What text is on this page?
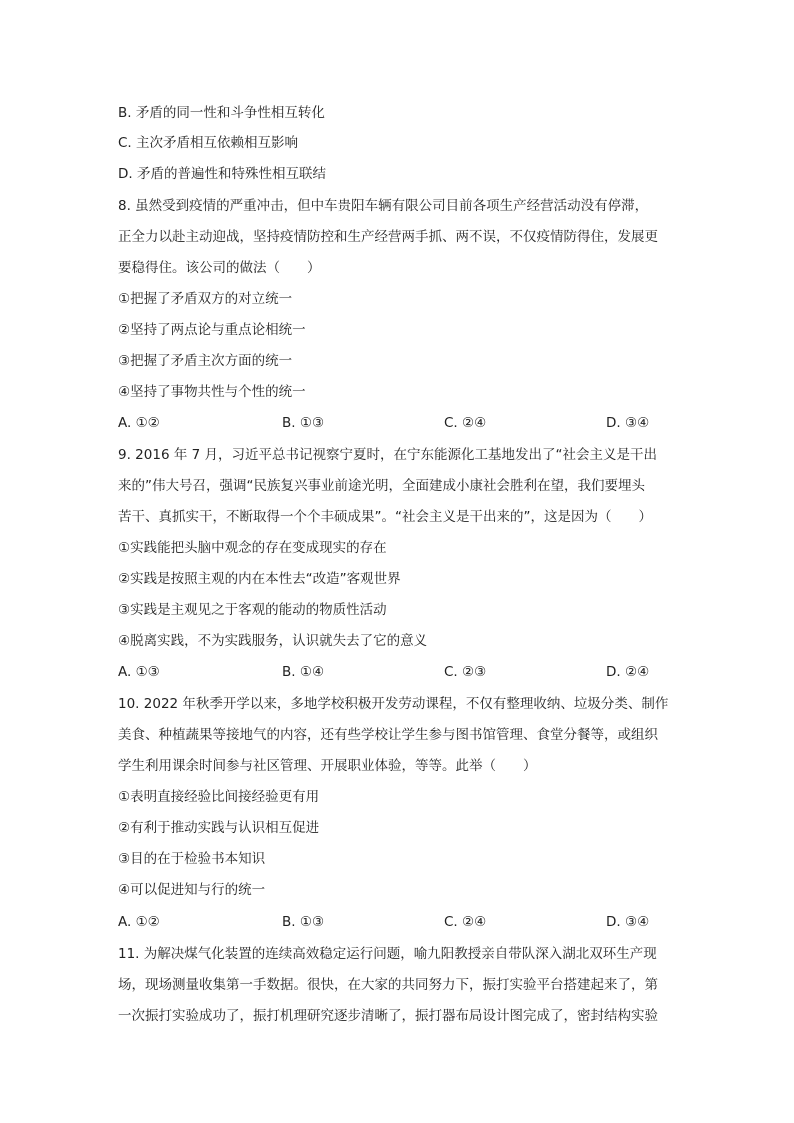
B. 矛盾的同一性和斗争性相互转化
C. 主次矛盾相互依赖相互影响
D. 矛盾的普遍性和特殊性相互联结
8. 虽然受到疫情的严重冲击，但中车贵阳车辆有限公司目前各项生产经营活动没有停滞，
正全力以赴主动迎战，坚持疫情防控和生产经营两手抓、两不误，不仅疫情防得住，发展更
要稳得住。该公司的做法（　　）
①把握了矛盾双方的对立统一
②坚持了两点论与重点论相统一
③把握了矛盾主次方面的统一
④坚持了事物共性与个性的统一
A. ①②	B. ①③	C. ②④	D. ③④
9. 2016 年 7 月，习近平总书记视察宁夏时，在宁东能源化工基地发出了“社会主义是干出
来的”伟大号召，强调“民族复兴事业前途光明，全面建成小康社会胜利在望，我们要埋头
苦干、真抓实干，不断取得一个个丰硕成果”。“社会主义是干出来的”，这是因为（　　）
①实践能把头脑中观念的存在变成现实的存在
②实践是按照主观的内在本性去“改造”客观世界
③实践是主观见之于客观的能动的物质性活动
④脱离实践，不为实践服务，认识就失去了它的意义
A. ①③	B. ①④	C. ②③	D. ②④
10. 2022 年秋季开学以来，多地学校积极开发劳动课程，不仅有整理收纳、垃圾分类、制作
美食、种植蔬果等接地气的内容，还有些学校让学生参与图书馆管理、食堂分餐等，或组织
学生利用课余时间参与社区管理、开展职业体验，等等。此举（　　）
①表明直接经验比间接经验更有用
②有利于推动实践与认识相互促进
③目的在于检验书本知识
④可以促进知与行的统一
A. ①②	B. ①③	C. ②④	D. ③④
11. 为解决煤气化装置的连续高效稳定运行问题，喻九阳教授亲自带队深入湖北双环生产现
场，现场测量收集第一手数据。很快，在大家的共同努力下，振打实验平台搭建起来了，第
一次振打实验成功了，振打机理研究逐步清晰了，振打器布局设计图完成了，密封结构实验
